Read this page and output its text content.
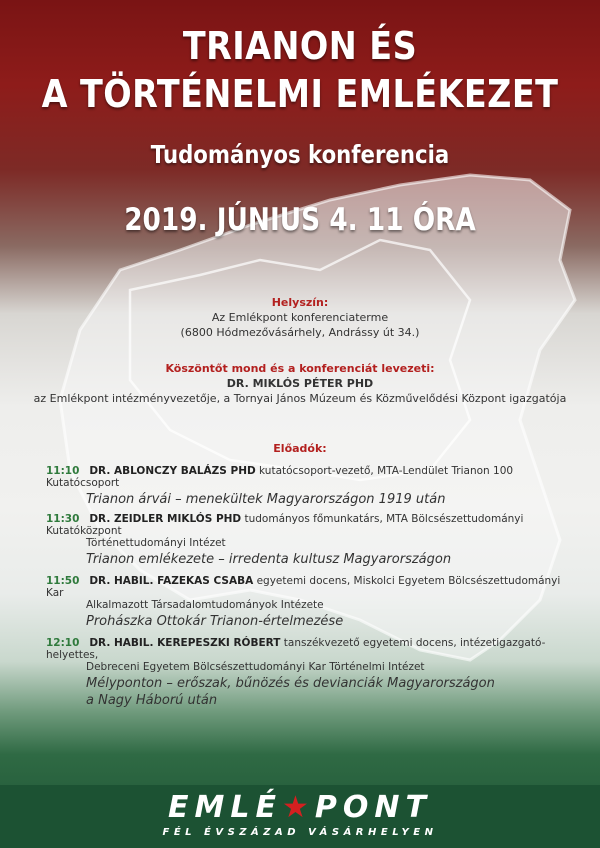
TRIANON ÉS
A TÖRTÉNELMI EMLÉKEZET
Tudományos konferencia
2019. JÚNIUS 4. 11 ÓRA
Helyszín:
Az Emlékpont konferenciaterme
(6800 Hódmezővásárhely, Andrássy út 34.)
Köszöntőt mond és a konferenciát levezeti:
DR. MIKLÓS PÉTER PHD
az Emlékpont intézményvezetője, a Tornyai János Múzeum és Közművelődési Központ igazgatója
Előadók:
11:10 DR. ABLONCZY BALÁZS PHD kutatócsoport-vezető, MTA-Lendület Trianon 100 Kutatócsoport
Trianon árvái – menekültek Magyarországon 1919 után
11:30 DR. ZEIDLER MIKLÓS PHD tudományos főmunkatárs, MTA Bölcsészettudományi Kutatóközpont
Történettudományi Intézet
Trianon emlékezete – irredenta kultusz Magyarországon
11:50 DR. HABIL. FAZEKAS CSABA egyetemi docens, Miskolci Egyetem Bölcsészettudományi Kar
Alkalmazott Társadalomtudományok Intézete
Prohászka Ottokár Trianon-értelmezése
12:10 DR. HABIL. KEREPESZKI RÓBERT tanszékvezető egyetemi docens, intézetigazgató-helyettes,
Debreceni Egyetem Bölcsészettudományi Kar Történelmi Intézet
Mélyponton – erőszak, bűnözés és devianciák Magyarországon
a Nagy Háború után
EMLÉ★PONT
FÉL ÉVSZÁZAD VÁSÁRHELYEN
